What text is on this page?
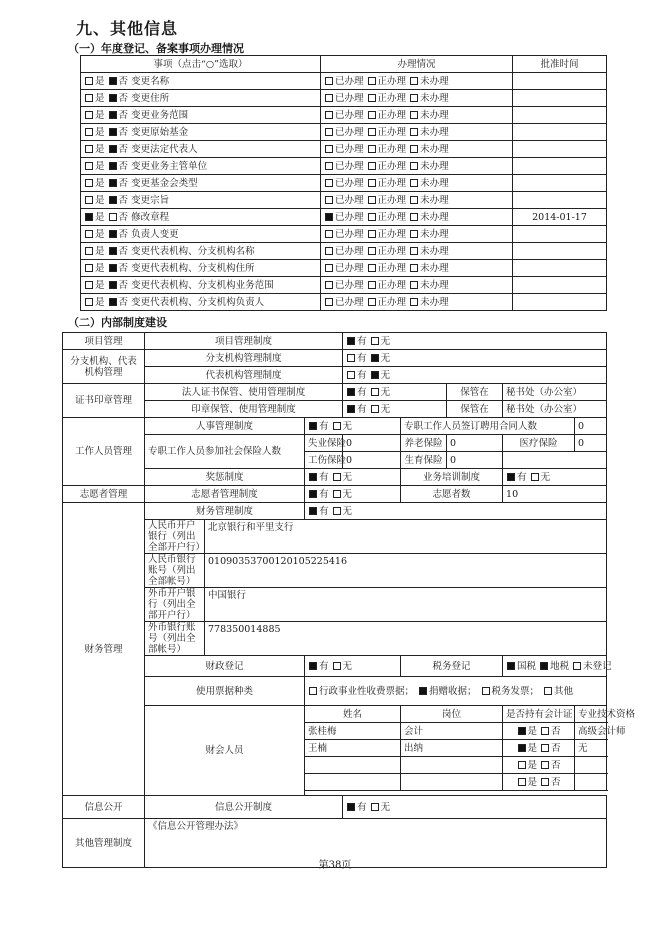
九、其他信息
（一）年度登记、备案事项办理情况
事项（点击“○”选取）	办理情况	批准时间
是 否 变更名称	已办理 正办理 未办理	
是 否 变更住所	已办理 正办理 未办理	
是 否 变更业务范围	已办理 正办理 未办理	
是 否 变更原始基金	已办理 正办理 未办理	
是 否 变更法定代表人	已办理 正办理 未办理	
是 否 变更业务主管单位	已办理 正办理 未办理	
是 否 变更基金会类型	已办理 正办理 未办理	
是 否 变更宗旨	已办理 正办理 未办理	
是 否 修改章程	已办理 正办理 未办理	2014-01-17
是 否 负责人变更	已办理 正办理 未办理	
是 否 变更代表机构、分支机构名称	已办理 正办理 未办理	
是 否 变更代表机构、分支机构住所	已办理 正办理 未办理	
是 否 变更代表机构、分支机构业务范围	已办理 正办理 未办理	
是 否 变更代表机构、分支机构负责人	已办理 正办理 未办理	
（二）内部制度建设
项目管理	项目管理制度			有 无				
分支机构、代表机构管理	分支机构管理制度			有 无				
	代表机构管理制度			有 无				
证书印章管理	法人证书保管、使用管理制度			有 无		保管在	秘书处（办公室）	
	印章保管、使用管理制度			有 无		保管在	秘书处（办公室）	
工作人员管理	人事管理制度		有 无		专职工作人员签订聘用合同人数			0
	专职工作人员参加社会保险人数		失业保险	0	养老保险	0	医疗保险	0
			工伤保险	0	生育保险	0		
	奖惩制度		有 无		业务培训制度		有 无	
志愿者管理	志愿者管理制度		有 无		志愿者数		10	
财务管理	财务管理制度		有 无					
	人民币开户银行（列出全部开户行）	北京银行和平里支行						
	人民币银行账号（列出全部帐号）	01090353700120105225416						
	外币开户银行（列出全部开户行）	中国银行						
	外币银行账号（列出全部帐号）	778350014885						
	财政登记		有 无		税务登记		国税 地税 未登记	
	使用票据种类		行政事业性收费票据； 捐赠收据； 税务发票； 其他					
	财会人员		姓名		岗位		是否持有会计证	专业技术资格
			张桂梅		会计		是 否	高级会计师
			王楠		出纳		是 否	无
							是 否	
							是 否	

信息公开	信息公开制度			有 无				
其他管理制度	《信息公开管理办法》							
第38页
